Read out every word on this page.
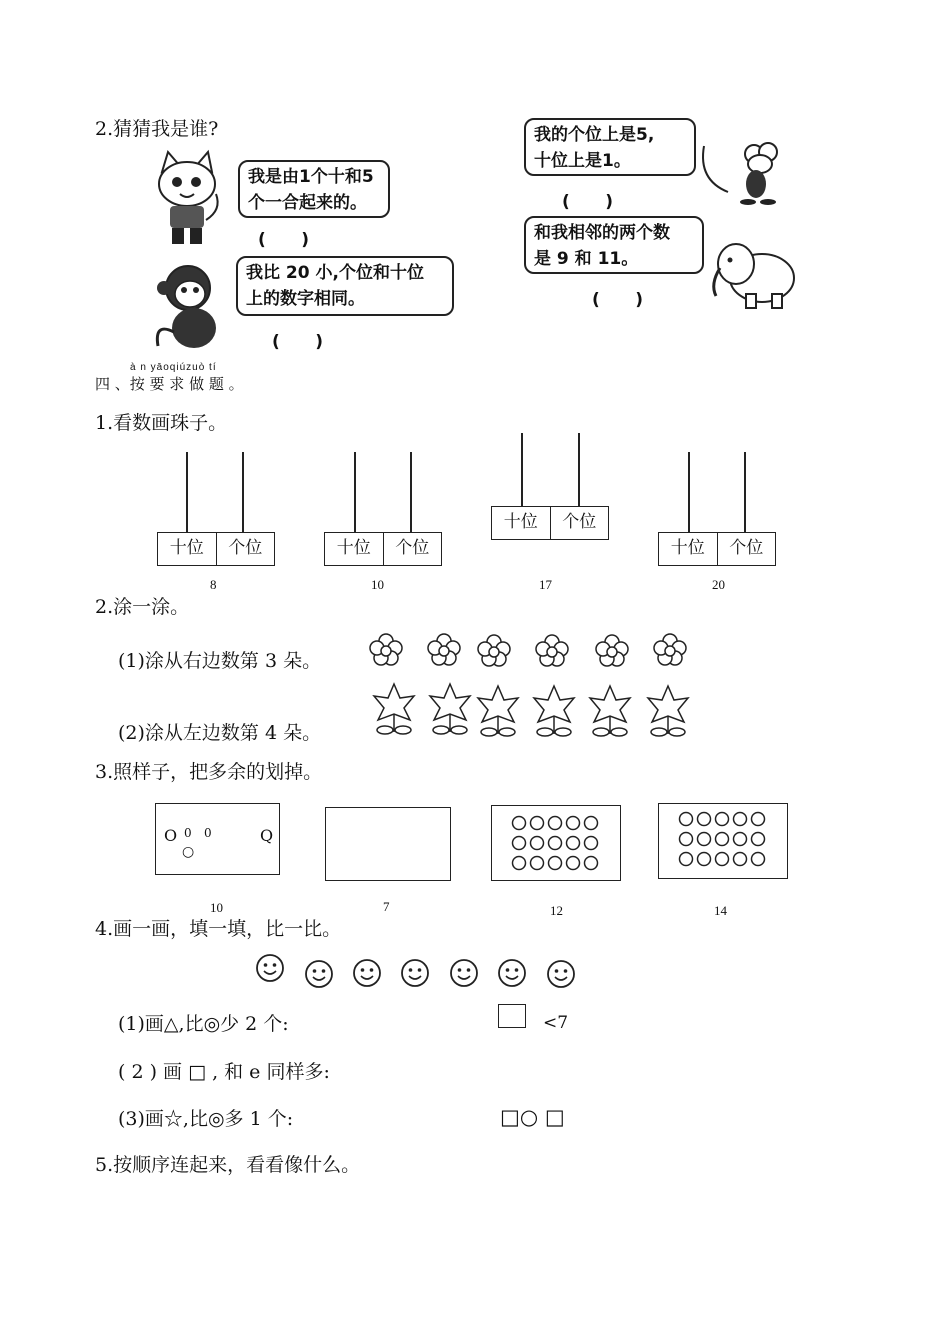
2.猜猜我是谁?
我是由1个十和5
个一合起来的。
(      )
我比 20 小,个位和十位
上的数字相同。
(      )
我的个位上是5,
十位上是1。
(      )
和我相邻的两个数
是 9 和 11。
(      )
à n yāoqiúzuò tí
四 、按 要 求 做 题 。
1.看数画珠子。
十位	个位
8
十位	个位
10
十位	个位
17
十位	个位
20
2.涂一涂。
(1)涂从右边数第 3 朵。
(2)涂从左边数第 4 朵。
3.照样子，把多余的划掉。
O 0 0	Q
○
10	7	12	14
4.画一画，填一填，比一比。
(1)画△,比◎少 2 个:	<7
( 2 ) 画 □ , 和 e 同样多:
(3)画☆,比◎多 1 个:	□○ □
5.按顺序连起来，看看像什么。
